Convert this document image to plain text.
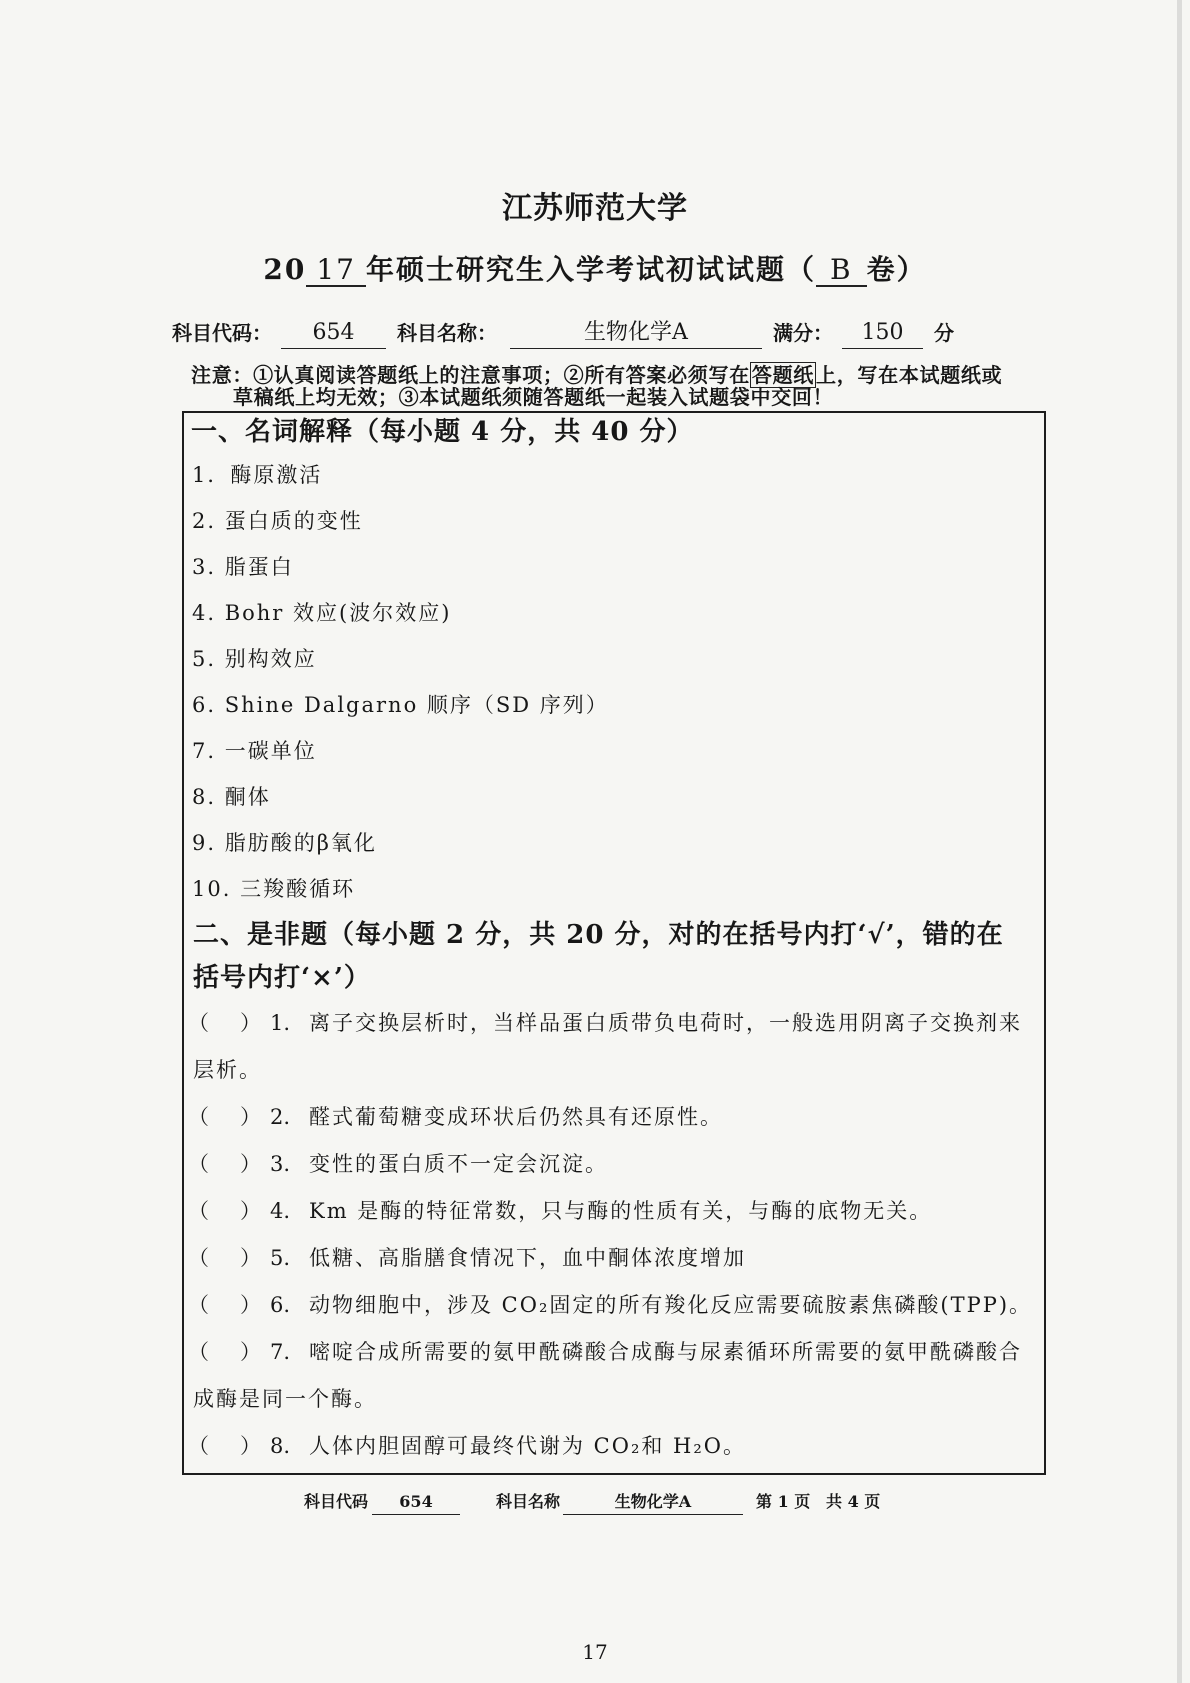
江苏师范大学
20 17 年硕士研究生入学考试初试试题（ B 卷）
科目代码：	654	科目名称：	生物化学A	满分：	150	分
注意：①认真阅读答题纸上的注意事项；②所有答案必须写在 答题纸 上，写在本试题纸或
草稿纸上均无效；③本试题纸须随答题纸一起装入试题袋中交回！
一、名词解释（每小题 4 分，共 40 分）
1．酶原激活
2. 蛋白质的变性
3. 脂蛋白
4. Bohr 效应(波尔效应)
5. 别构效应
6. Shine Dalgarno 顺序（SD 序列）
7. 一碳单位
8. 酮体
9. 脂肪酸的β氧化
10. 三羧酸循环
二、是非题（每小题 2 分，共 20 分，对的在括号内打‘√’，错的在
括号内打‘×’）
（ ） 1. 离子交换层析时，当样品蛋白质带负电荷时，一般选用阴离子交换剂来
层析。
（ ） 2. 醛式葡萄糖变成环状后仍然具有还原性。
（ ） 3. 变性的蛋白质不一定会沉淀。
（ ） 4. Km 是酶的特征常数，只与酶的性质有关，与酶的底物无关。
（ ） 5. 低糖、高脂膳食情况下，血中酮体浓度增加
（ ） 6. 动物细胞中，涉及 CO₂固定的所有羧化反应需要硫胺素焦磷酸(TPP)。
（ ） 7. 嘧啶合成所需要的氨甲酰磷酸合成酶与尿素循环所需要的氨甲酰磷酸合
成酶是同一个酶。
（ ） 8. 人体内胆固醇可最终代谢为 CO₂和 H₂O。
科目代码	654	科目名称	生物化学A	第 1 页 共 4 页
17
